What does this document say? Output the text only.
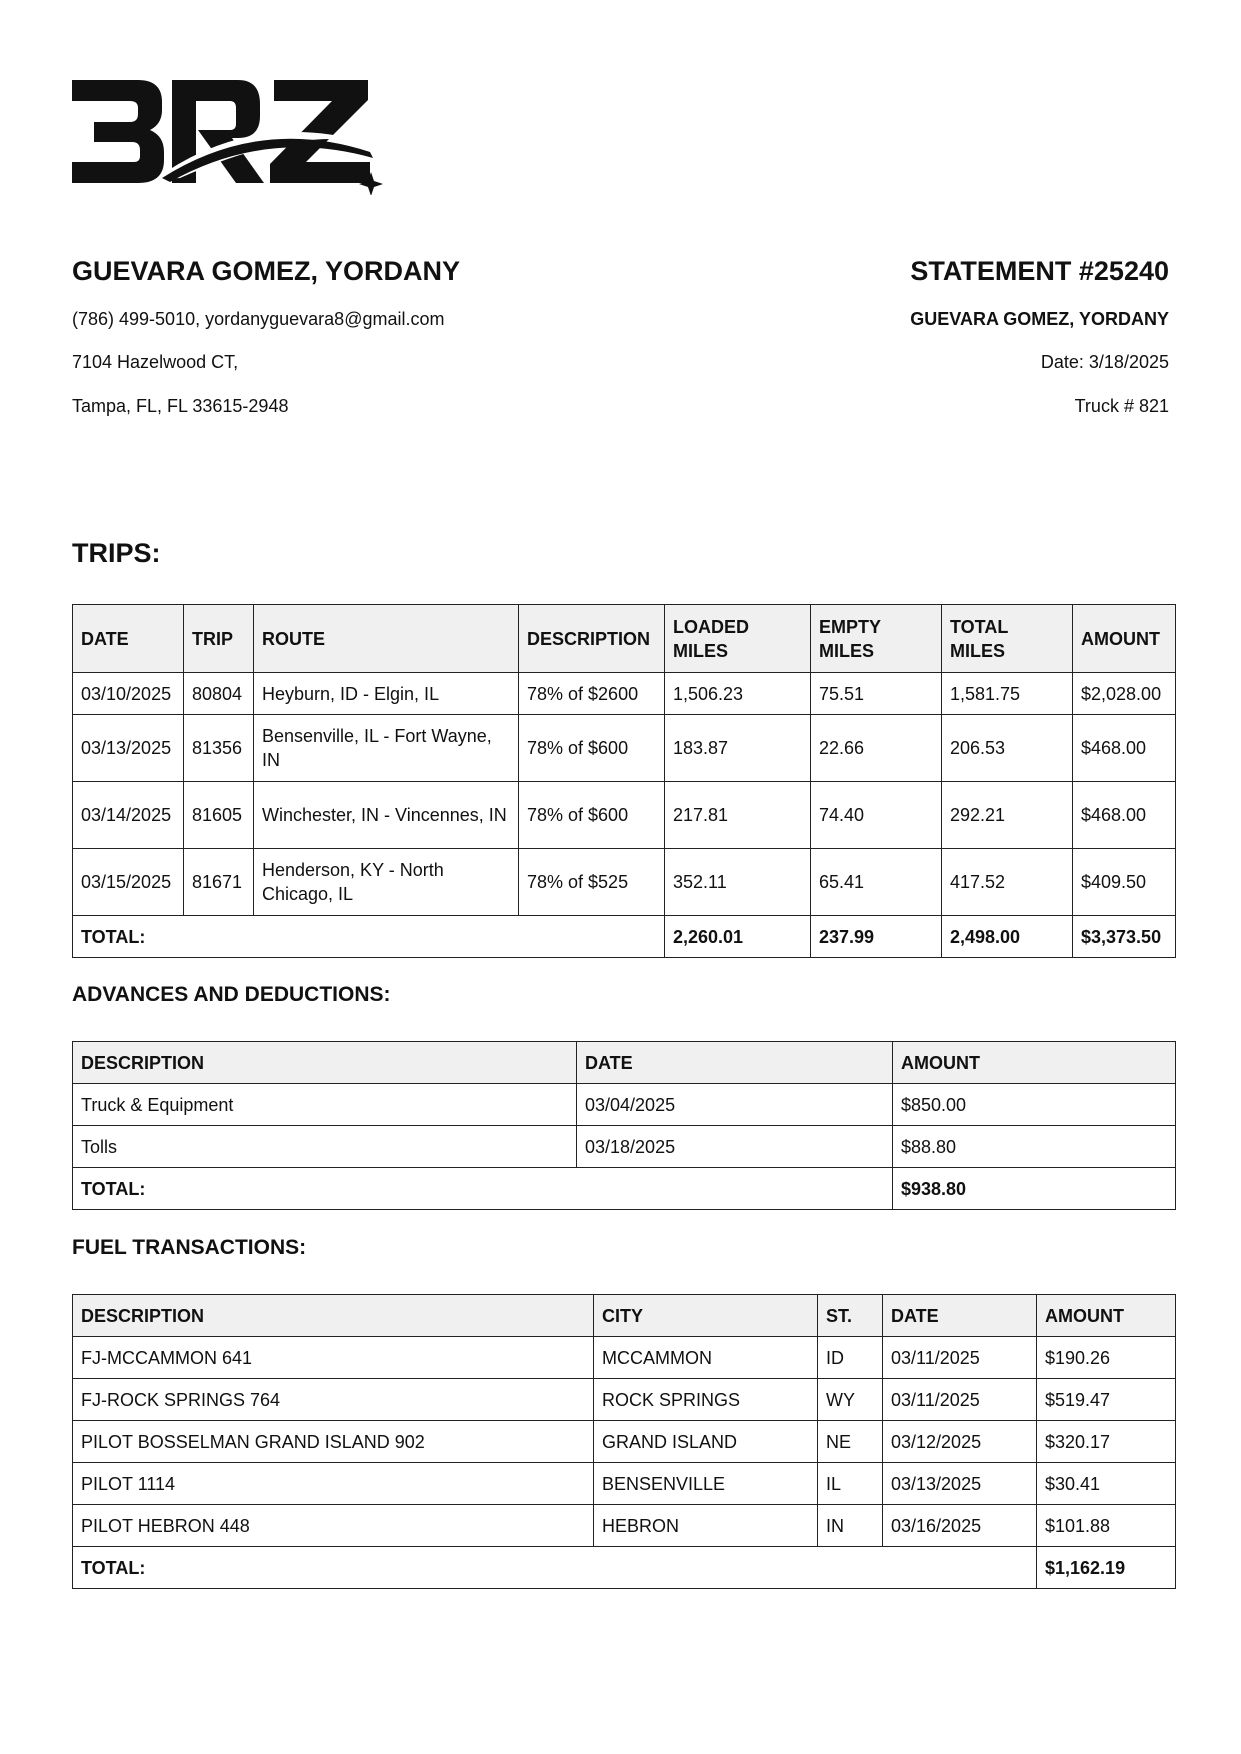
GUEVARA GOMEZ, YORDANY
(786) 499-5010, yordanyguevara8@gmail.com
7104 Hazelwood CT,
Tampa, FL, FL 33615-2948
STATEMENT #25240
GUEVARA GOMEZ, YORDANY
Date: 3/18/2025
Truck # 821
TRIPS:
DATE	TRIP	ROUTE	DESCRIPTION	LOADED MILES	EMPTY MILES	TOTAL MILES	AMOUNT
03/10/2025	80804	Heyburn, ID - Elgin, IL	78% of $2600	1,506.23	75.51	1,581.75	$2,028.00
03/13/2025	81356	Bensenville, IL - Fort Wayne, IN	78% of $600	183.87	22.66	206.53	$468.00
03/14/2025	81605	Winchester, IN - Vincennes, IN	78% of $600	217.81	74.40	292.21	$468.00
03/15/2025	81671	Henderson, KY - North Chicago, IL	78% of $525	352.11	65.41	417.52	$409.50
TOTAL:				2,260.01	237.99	2,498.00	$3,373.50
ADVANCES AND DEDUCTIONS:
DESCRIPTION	DATE	AMOUNT
Truck & Equipment	03/04/2025	$850.00
Tolls	03/18/2025	$88.80
TOTAL:		$938.80
FUEL TRANSACTIONS:
DESCRIPTION	CITY	ST.	DATE	AMOUNT
FJ-MCCAMMON 641	MCCAMMON	ID	03/11/2025	$190.26
FJ-ROCK SPRINGS 764	ROCK SPRINGS	WY	03/11/2025	$519.47
PILOT BOSSELMAN GRAND ISLAND 902	GRAND ISLAND	NE	03/12/2025	$320.17
PILOT 1114	BENSENVILLE	IL	03/13/2025	$30.41
PILOT HEBRON 448	HEBRON	IN	03/16/2025	$101.88
TOTAL:				$1,162.19
